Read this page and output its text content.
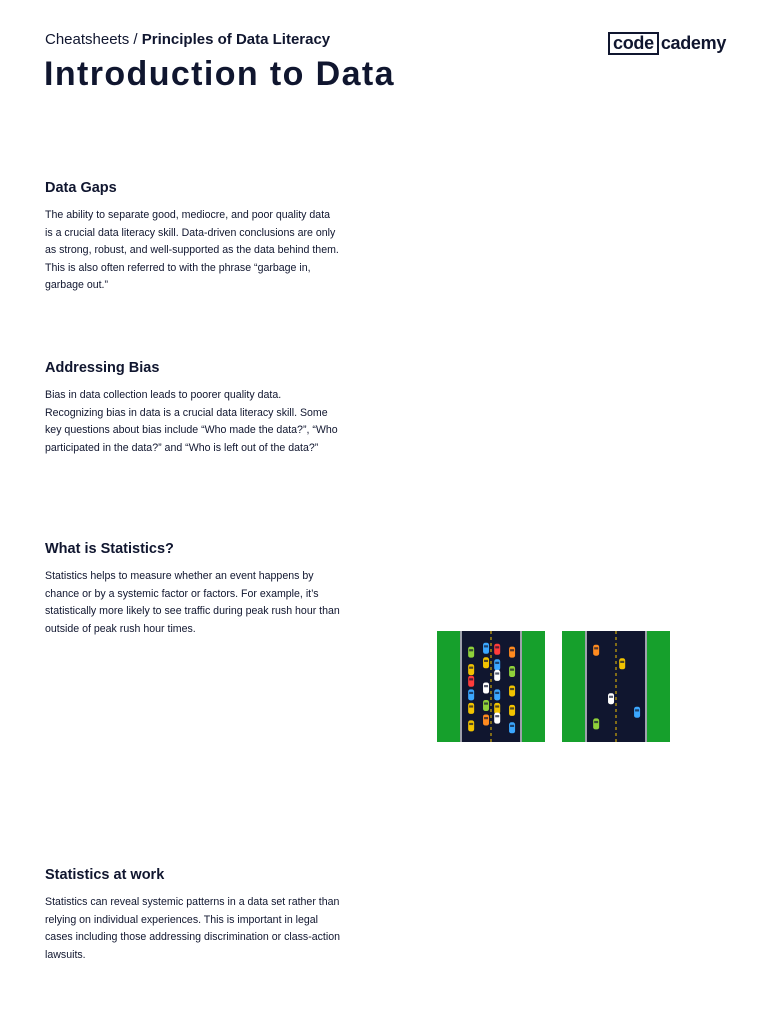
Cheatsheets / Principles of Data Literacy	code cademy
Introduction to Data
Data Gaps

The ability to separate good, mediocre, and poor quality data is a crucial data literacy skill. Data-driven conclusions are only as strong, robust, and well-supported as the data behind them. This is also often referred to with the phrase “garbage in, garbage out.”

Addressing Bias

Bias in data collection leads to poorer quality data. Recognizing bias in data is a crucial data literacy skill. Some key questions about bias include “Who made the data?”, “Who participated in the data?” and “Who is left out of the data?”

What is Statistics?

Statistics helps to measure whether an event happens by chance or by a systemic factor or factors. For example, it’s statistically more likely to see traffic during peak rush hour than outside of peak rush hour times.

Statistics at work

Statistics can reveal systemic patterns in a data set rather than relying on individual experiences. This is important in legal cases including those addressing discrimination or class-action lawsuits.
